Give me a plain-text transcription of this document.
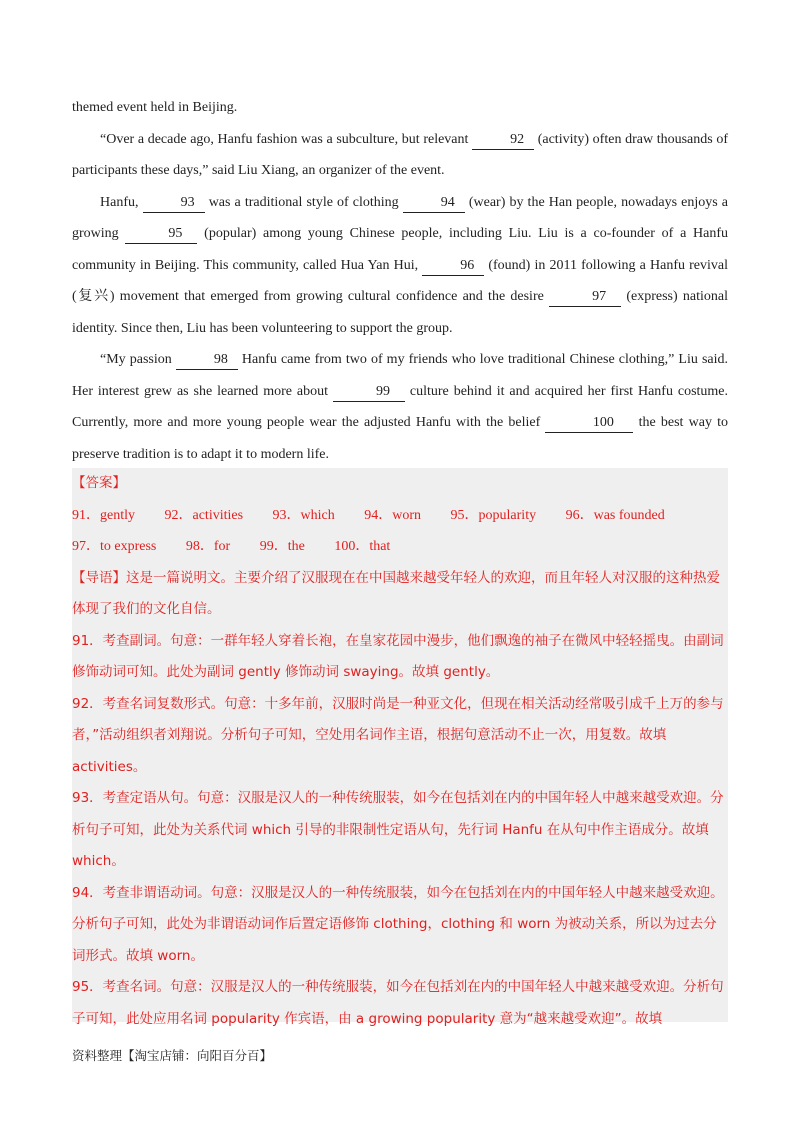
themed event held in Beijing.

“Over a decade ago, Hanfu fashion was a subculture, but relevant	92 (activity) often draw thousands of participants these days,” said Liu Xiang, an organizer of the event.

Hanfu,	93 was a traditional style of clothing	94 (wear) by the Han people, nowadays enjoys a growing	95 (popular) among young Chinese people, including Liu. Liu is a co-founder of a Hanfu community in Beijing. This community, called Hua Yan Hui,	96 (found) in 2011 following a Hanfu revival (复兴) movement that emerged from growing cultural confidence and the desire	97 (express) national identity. Since then, Liu has been volunteering to support the group.

“My passion	98 Hanfu came from two of my friends who love traditional Chinese clothing,” Liu said. Her interest grew as she learned more about	99 culture behind it and acquired her first Hanfu costume. Currently, more and more young people wear the adjusted Hanfu with the belief	100 the best way to preserve tradition is to adapt it to modern life.

【答案】

91．gently 92．activities 93．which 94．worn 95．popularity 96．was founded 97．to express 98．for 99．the 100．that

【导语】这是一篇说明文。主要介绍了汉服现在在中国越来越受年轻人的欢迎，而且年轻人对汉服的这种热爱体现了我们的文化自信。

91．考查副词。句意：一群年轻人穿着长袍，在皇家花园中漫步，他们飘逸的袖子在微风中轻轻摇曳。由副词修饰动词可知。此处为副词 gently 修饰动词 swaying。故填 gently。

92．考查名词复数形式。句意：十多年前，汉服时尚是一种亚文化，但现在相关活动经常吸引成千上万的参与者，”活动组织者刘翔说。分析句子可知，空处用名词作主语，根据句意活动不止一次，用复数。故填 activities。

93．考查定语从句。句意：汉服是汉人的一种传统服装，如今在包括刘在内的中国年轻人中越来越受欢迎。分析句子可知，此处为关系代词 which 引导的非限制性定语从句，先行词 Hanfu 在从句中作主语成分。故填 which。

94．考查非谓语动词。句意：汉服是汉人的一种传统服装，如今在包括刘在内的中国年轻人中越来越受欢迎。分析句子可知，此处为非谓语动词作后置定语修饰 clothing，clothing 和 worn 为被动关系，所以为过去分词形式。故填 worn。

95．考查名词。句意：汉服是汉人的一种传统服装，如今在包括刘在内的中国年轻人中越来越受欢迎。分析句子可知，此处应用名词 popularity 作宾语，由 a growing popularity 意为“越来越受欢迎”。故填

资料整理【淘宝店铺：向阳百分百】
